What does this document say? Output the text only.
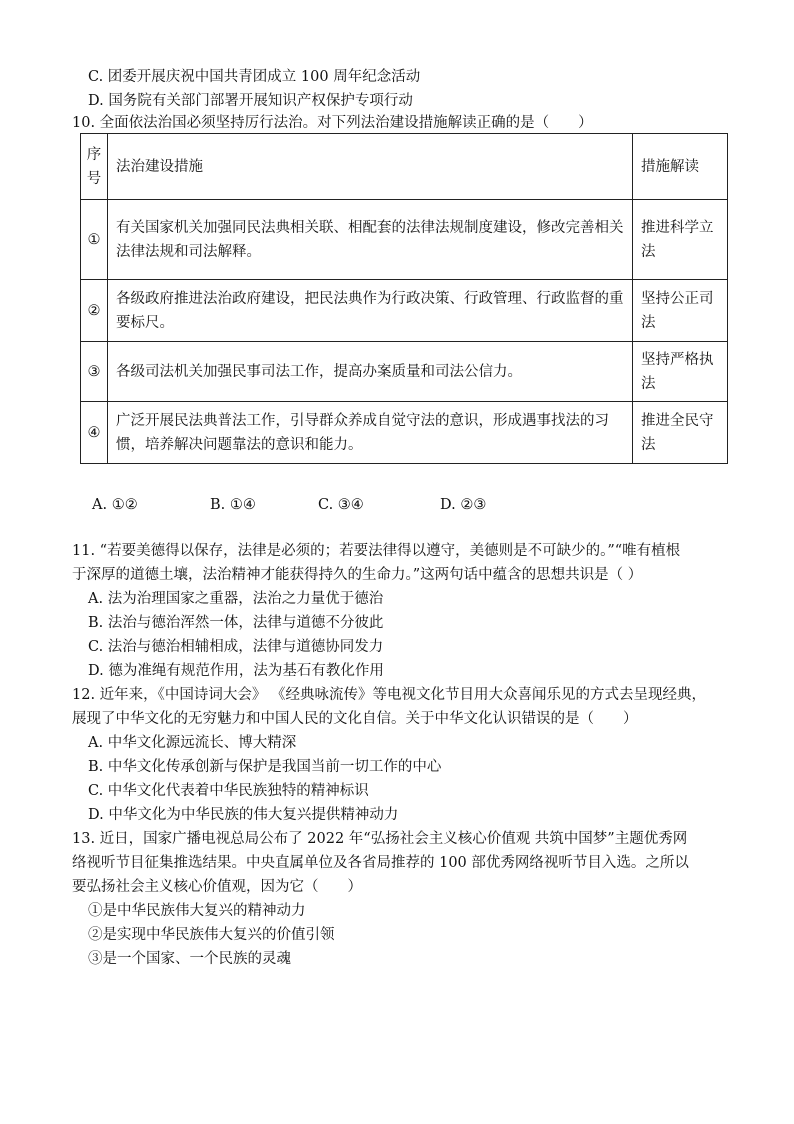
C. 团委开展庆祝中国共青团成立 100 周年纪念活动
D. 国务院有关部门部署开展知识产权保护专项行动
10. 全面依法治国必须坚持厉行法治。对下列法治建设措施解读正确的是（　　）
序号	法治建设措施	措施解读
①	有关国家机关加强同民法典相关联、相配套的法律法规制度建设，修改完善相关法律法规和司法解释。	推进科学立法
②	各级政府推进法治政府建设，把民法典作为行政决策、行政管理、行政监督的重要标尺。	坚持公正司法
③	各级司法机关加强民事司法工作，提高办案质量和司法公信力。	坚持严格执法
④	广泛开展民法典普法工作，引导群众养成自觉守法的意识，形成遇事找法的习惯，培养解决问题靠法的意识和能力。	推进全民守法
A. ①②	B. ①④	C. ③④	D. ②③
11. “若要美德得以保存，法律是必须的；若要法律得以遵守，美德则是不可缺少的。”“唯有植根
于深厚的道德土壤，法治精神才能获得持久的生命力。”这两句话中蕴含的思想共识是（ ）
A. 法为治理国家之重器，法治之力量优于德治
B. 法治与德治浑然一体，法律与道德不分彼此
C. 法治与德治相辅相成，法律与道德协同发力
D. 德为准绳有规范作用，法为基石有教化作用
12. 近年来，《中国诗词大会》 《经典咏流传》等电视文化节目用大众喜闻乐见的方式去呈现经典，
展现了中华文化的无穷魅力和中国人民的文化自信。关于中华文化认识错误的是（　　）
A. 中华文化源远流长、博大精深
B. 中华文化传承创新与保护是我国当前一切工作的中心
C. 中华文化代表着中华民族独特的精神标识
D. 中华文化为中华民族的伟大复兴提供精神动力
13. 近日，国家广播电视总局公布了 2022 年“弘扬社会主义核心价值观 共筑中国梦”主题优秀网
络视听节目征集推选结果。中央直属单位及各省局推荐的 100 部优秀网络视听节目入选。之所以
要弘扬社会主义核心价值观，因为它（　　）
①是中华民族伟大复兴的精神动力
②是实现中华民族伟大复兴的价值引领
③是一个国家、一个民族的灵魂
